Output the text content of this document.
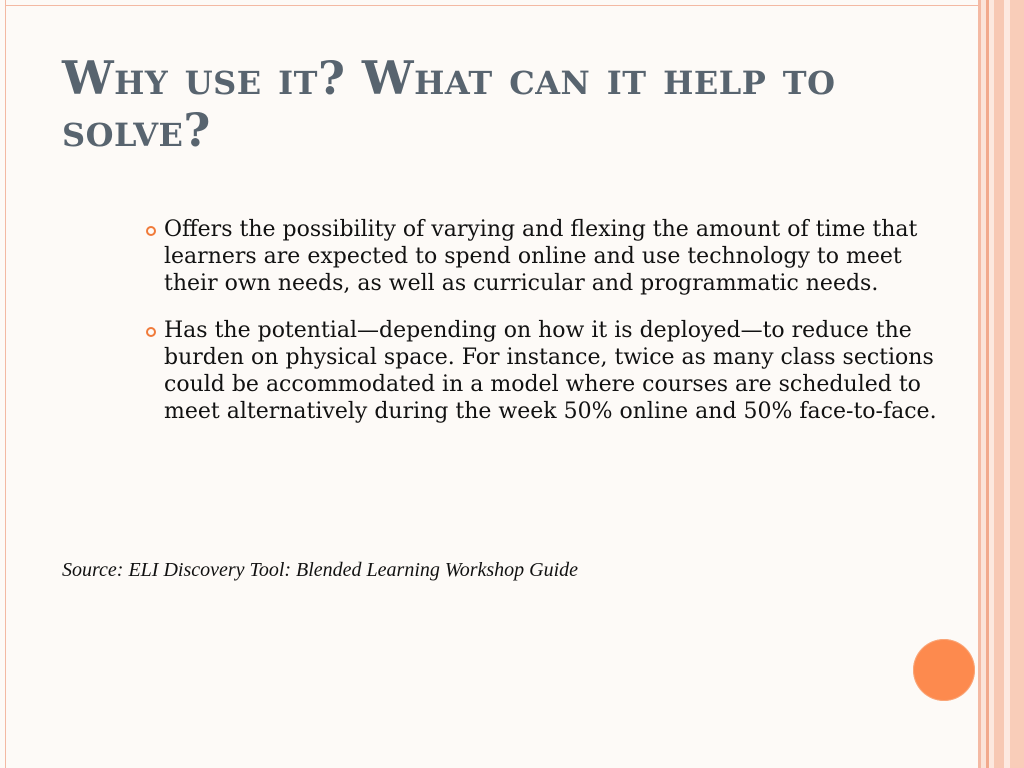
Why use it? What can it help to solve?
Offers the possibility of varying and flexing the amount of time that learners are expected to spend online and use technology to meet their own needs, as well as curricular and programmatic needs.
Has the potential—depending on how it is deployed—to reduce the burden on physical space. For instance, twice as many class sections could be accommodated in a model where courses are scheduled to meet alternatively during the week 50% online and 50% face-to-face.

Source: ELI Discovery Tool: Blended Learning Workshop Guide
